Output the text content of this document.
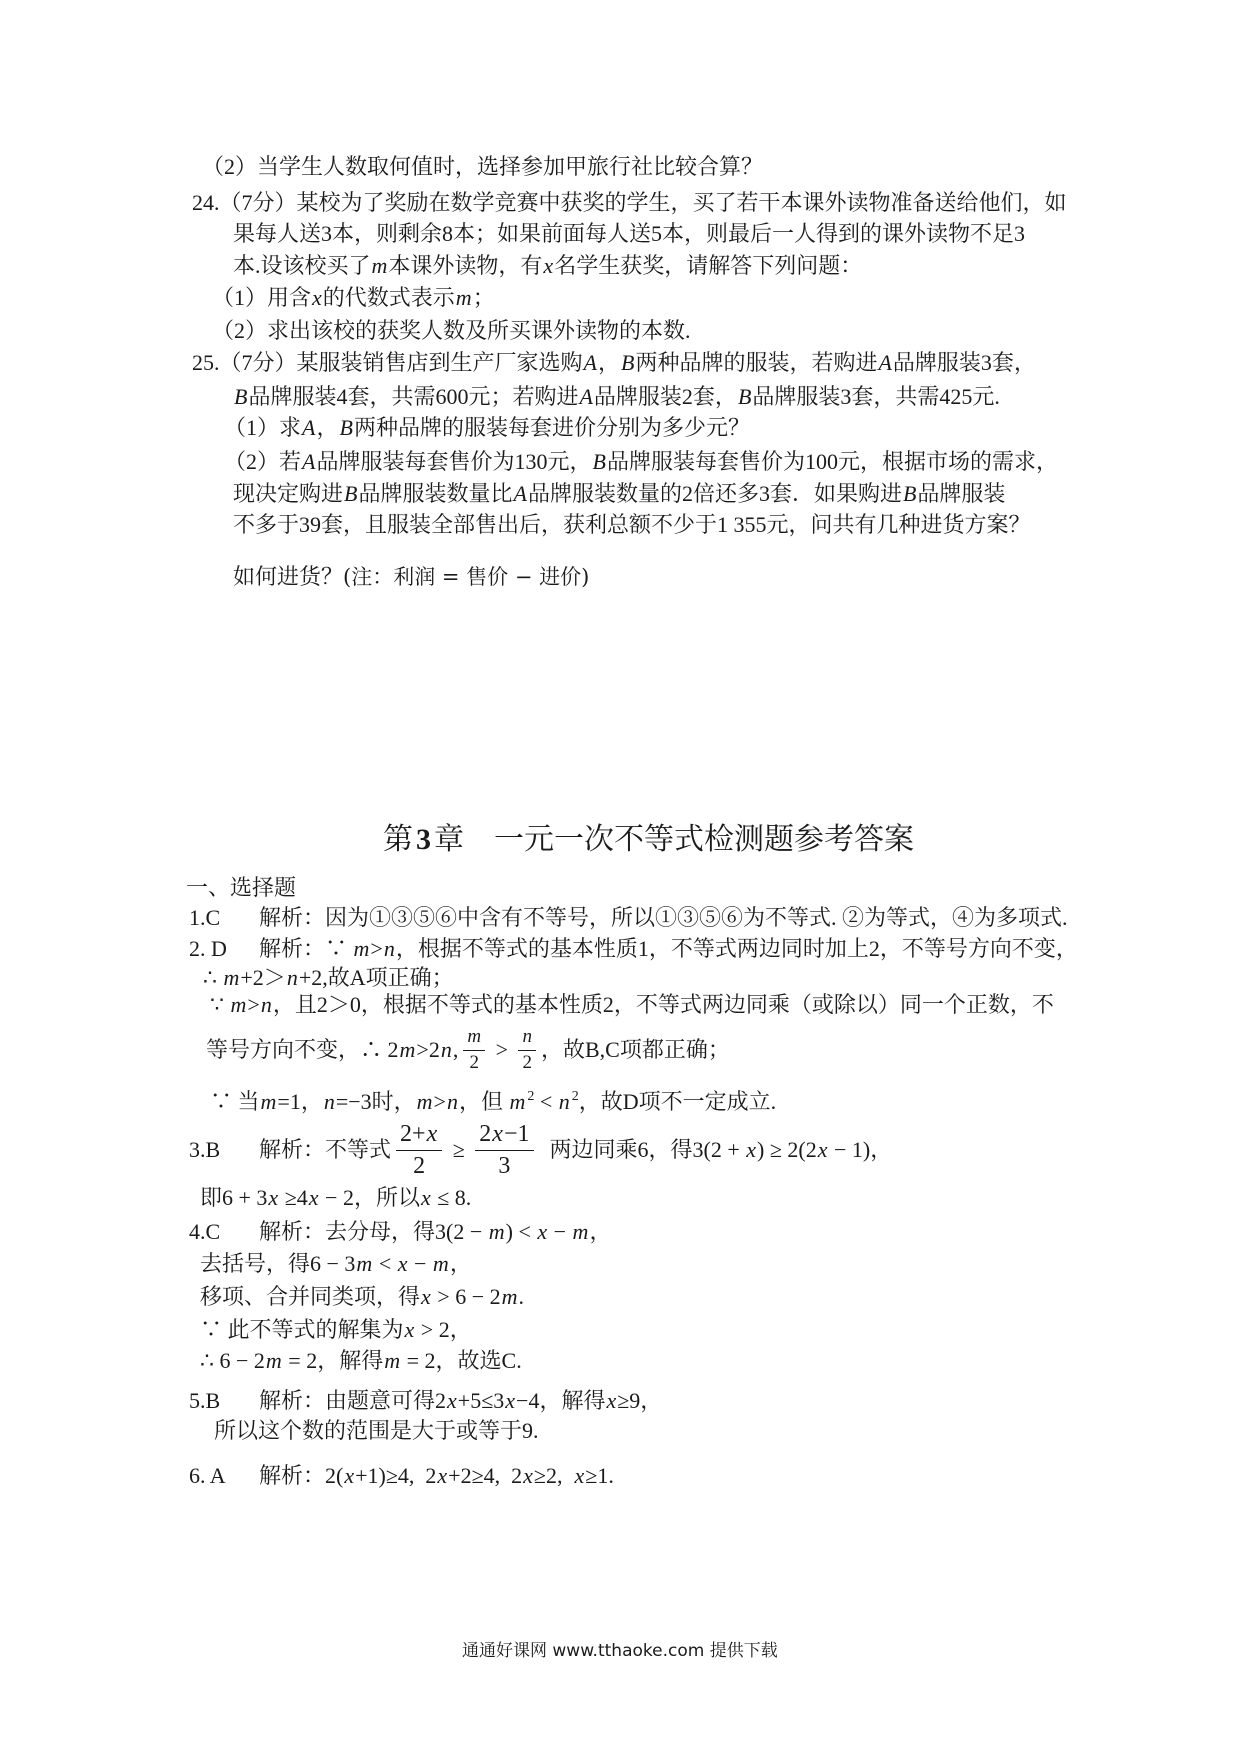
（2）当学生人数取何值时，选择参加甲旅行社比较合算？
24.（7分）某校为了奖励在数学竞赛中获奖的学生，买了若干本课外读物准备送给他们，如
果每人送3本，则剩余8本；如果前面每人送5本，则最后一人得到的课外读物不足3
本.设该校买了 m 本课外读物，有 x 名学生获奖，请解答下列问题：
（1）用含 x 的代数式表示 m ；
（2）求出该校的获奖人数及所买课外读物的本数.
25.（7分）某服装销售店到生产厂家选购 A ， B 两种品牌的服装，若购进 A 品牌服装3套，
B 品牌服装4套，共需600元；若购进 A 品牌服装2套， B 品牌服装3套，共需425元.
（1）求 A ， B 两种品牌的服装每套进价分别为多少元？
（2）若 A 品牌服装每套售价为130元， B 品牌服装每套售价为100元，根据市场的需求，
现决定购进 B 品牌服装数量比 A 品牌服装数量的2倍还多3套．如果购进 B 品牌服装
不多于39套，且服装全部售出后，获利总额不少于1 355元，问共有几种进货方案？
如何进货？ (注：利润 = 售价 − 进价)
第 3 章 一元一次不等式检测题参考答案
一、选择题
1.C	解析：因为①③⑤⑥中含有不等号，所以①③⑤⑥为不等式. ②为等式，④为多项式.
2. D	解析：∵ m > n ，根据不等式的基本性质1，不等式两边同时加上2，不等号方向不变，
∴ m +2＞ n +2,故A项正确；
∵ m > n ，且2＞0，根据不等式的基本性质2，不等式两边同乘（或除以）同一个正数，不
等号方向不变，∴ 2 m >2 n , $\frac{m}{2} > \frac{n}{2}$ ，故B,C项都正确；
∵ 当 m =1， n =−3时， m > n ，但 $m^2 < n^2$ ，故D项不一定成立.
3.B	解析：不等式 $\frac{2+ x}{2} \ge \frac{2 x -1}{3}$ 两边同乘6，得3(2 + x ) ≥ 2(2 x − 1)，
即6 + 3 x ≥4 x − 2，所以 x ≤ 8.
4.C	解析：去分母，得3(2 − m ) < x − m ，
去括号，得6 − 3 m < x − m ，
移项、合并同类项，得 x > 6 − 2 m .
∵ 此不等式的解集为 x > 2，
∴ 6 − 2 m = 2，解得 m = 2，故选C.
5.B	解析：由题意可得2 x +5≤3 x −4，解得 x ≥9，
所以这个数的范围是大于或等于9.
6. A	解析：2( x +1)≥4,  2 x +2≥4,  2 x ≥2, x ≥1.
通通好课网 www.tthaoke.com 提供下载
